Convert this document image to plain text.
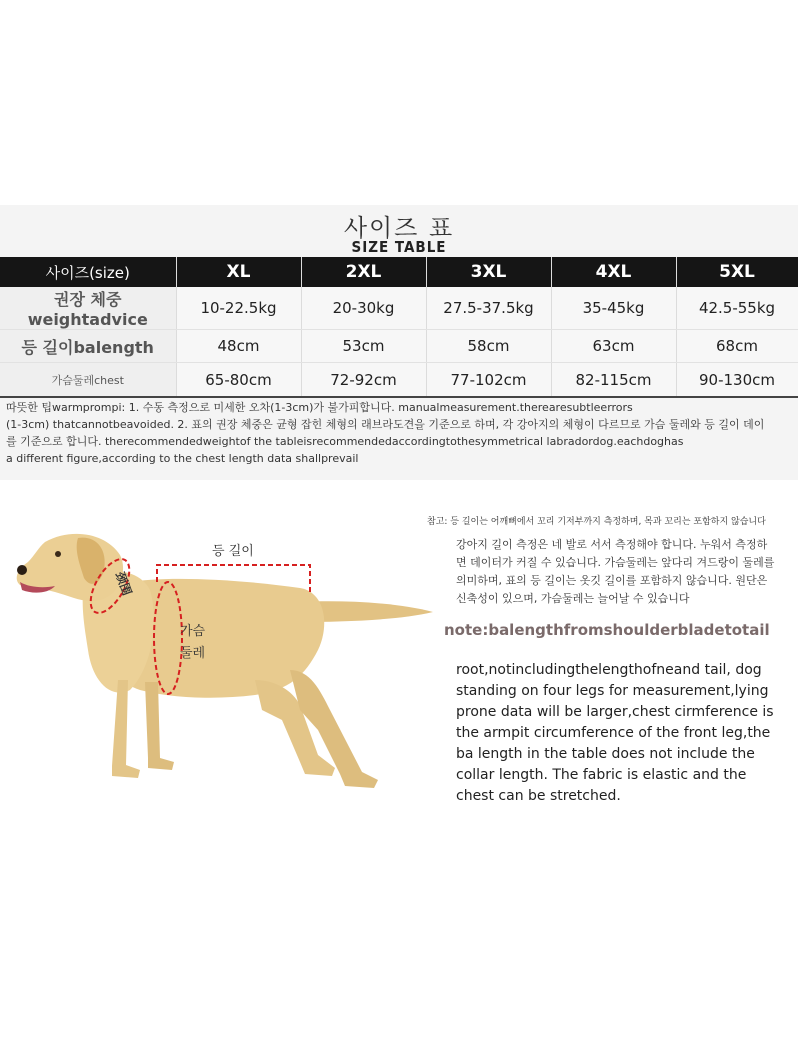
사이즈 표
SIZE TABLE
사이즈(size)	XL	2XL	3XL	4XL	5XL
권장 체중weightadvice	10-22.5kg	20-30kg	27.5-37.5kg	35-45kg	42.5-55kg
등 길이balength	48cm	53cm	58cm	63cm	68cm
가슴둘레chest	65-80cm	72-92cm	77-102cm	82-115cm	90-130cm
따뜻한 팁warmprompi: 1. 수동 측정으로 미세한 오차(1-3cm)가 불가피합니다. manualmeasurement.therearesubtleerrors
(1-3cm) thatcannotbeavoided. 2. 표의 권장 체중은 균형 잡힌 체형의 래브라도견을 기준으로 하며, 각 강아지의 체형이 다르므로 가슴 둘레와 등 길이 데이
를 기준으로 합니다. therecommendedweightof the tableisrecommendedaccordingtothesymmetrical labradordog.eachdoghas
a different figure,according to the chest length data shallprevail
등 길이
颈围
가슴
둘레
참고: 등 길이는 어깨뼈에서 꼬리 기저부까지 측정하며, 목과 꼬리는 포함하지 않습니다
강아지 길이 측정은 네 발로 서서 측정해야 합니다. 누워서 측정하면 데이터가 커질 수 있습니다. 가슴둘레는 앞다리 겨드랑이 둘레를 의미하며, 표의 등 길이는 옷깃 길이를 포함하지 않습니다. 원단은 신축성이 있으며, 가슴둘레는 늘어날 수 있습니다
note:balengthfromshoulderbladetotail
root,notincludingthelengthofneand tail, dog standing on four legs for measurement,lying prone data will be larger,chest cirmference is the armpit circumference of the front leg,the ba length in the table does not include the collar length. The fabric is elastic and the chest can be stretched.
